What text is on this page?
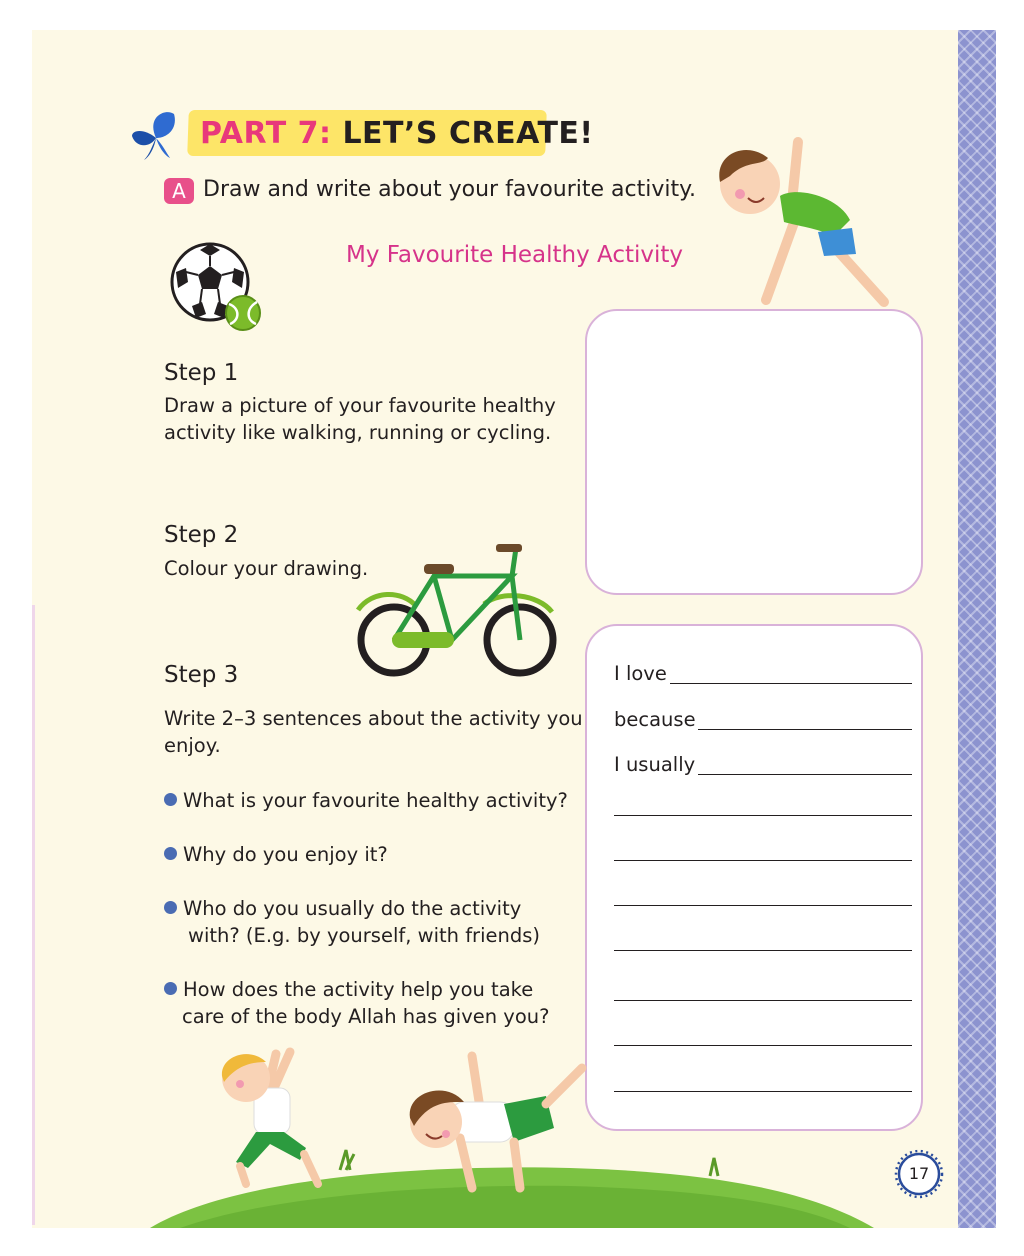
PART 7: LET’S CREATE!
A Draw and write about your favourite activity.
My Favourite Healthy Activity
Step 1
Draw a picture of your favourite healthy
activity like walking, running or cycling.
Step 2
Colour your drawing.
Step 3
Write 2–3 sentences about the activity you
enjoy.
What is your favourite healthy activity?
Why do you enjoy it?
Who do you usually do the activity
with? (E.g. by yourself, with friends)
How does the activity help you take
care of the body Allah has given you?
I love
because
I usually
17
